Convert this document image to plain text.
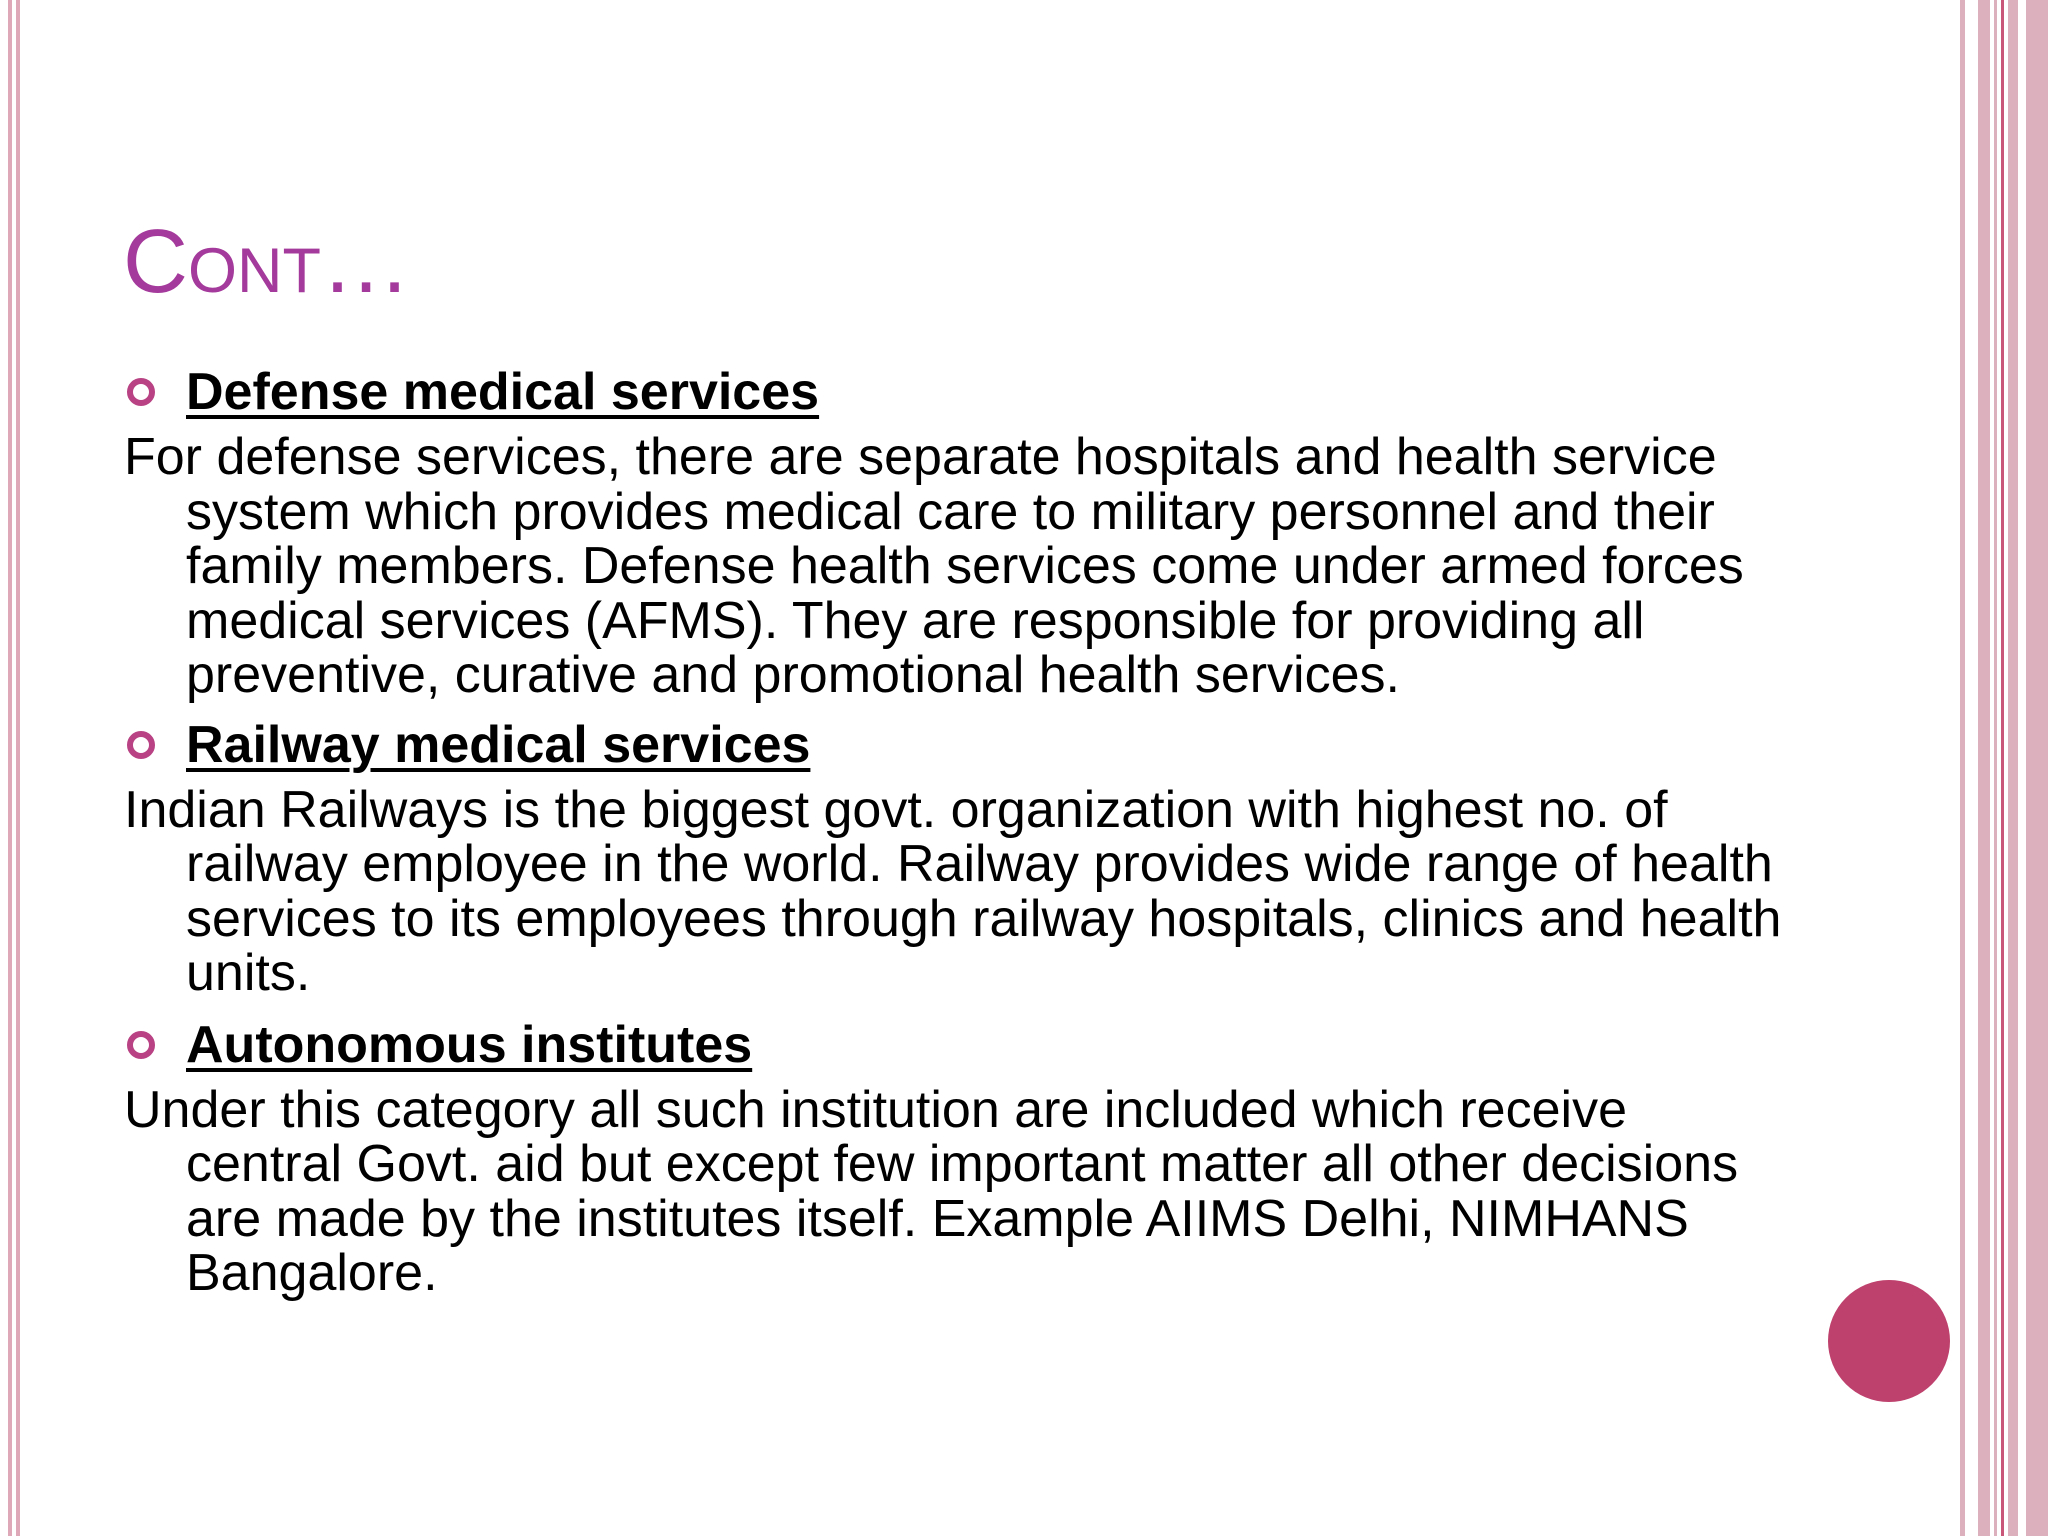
Cont…
Defense medical services

For defense services, there are separate hospitals and health service system which provides medical care to military personnel and their family members. Defense health services come under armed forces medical services (AFMS). They are responsible for providing all preventive, curative and promotional health services.

Railway medical services

Indian Railways is the biggest govt. organization with highest no. of railway employee in the world. Railway provides wide range of health services to its employees through railway hospitals, clinics and health units.

Autonomous institutes

Under this category all such institution are included which receive central Govt. aid but except few important matter all other decisions are made by the institutes itself. Example AIIMS Delhi, NIMHANS Bangalore.
